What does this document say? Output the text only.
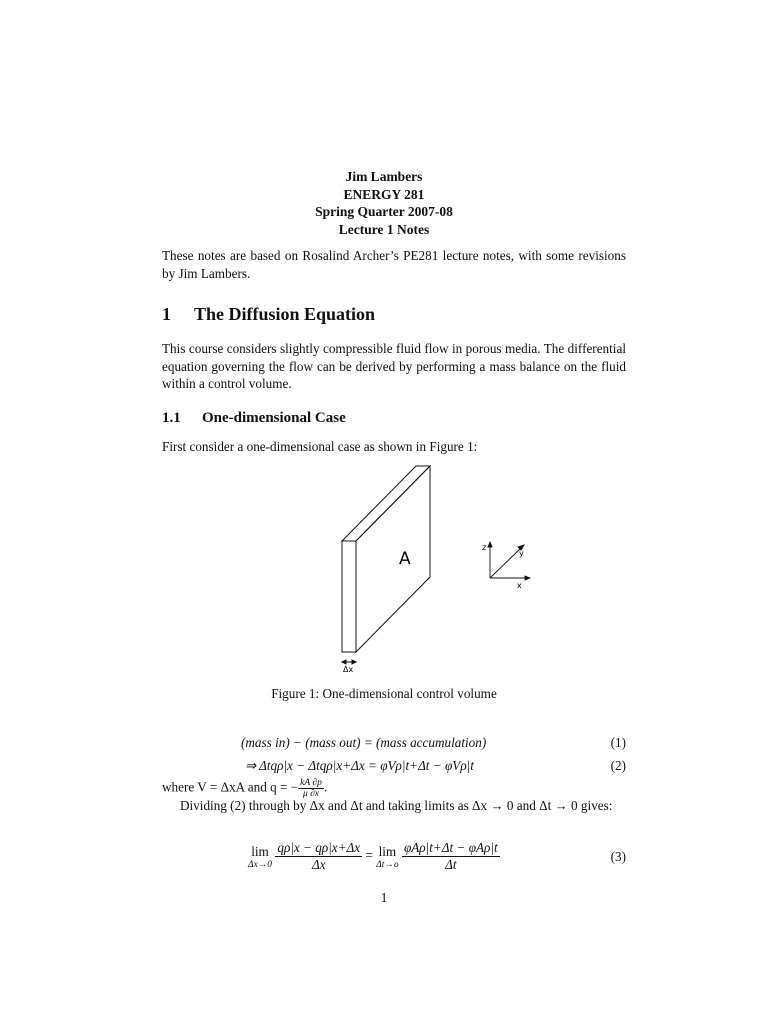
Jim Lambers
ENERGY 281
Spring Quarter 2007-08
Lecture 1 Notes
These notes are based on Rosalind Archer’s PE281 lecture notes, with some revisions by Jim Lambers.
1 The Diffusion Equation
This course considers slightly compressible fluid flow in porous media. The differential equation governing the flow can be derived by performing a mass balance on the fluid within a control volume.
1.1 One-dimensional Case
First consider a one-dimensional case as shown in Figure 1:
A
Δx
z
y
x
Figure 1: One-dimensional control volume
(mass in) − (mass out) = (mass accumulation)	(1)
⇒ Δtqρ|x − Δtqρ|x+Δx = φVρ|t+Δt − φVρ|t	(2)
where V = ΔxA and q = − $\frac{kA \partial p}{\mu \partial x}$ .
Dividing (2) through by Δx and Δt and taking limits as Δx → 0 and Δt → 0 gives:
lim
Δx→0
$\frac{q\rho|x - q\rho|x+\Delta x}{\Delta x} = \lim$
Δt→o
$\frac{\text{φAρ|t+Δt − φAρ|t}}{\Delta t}$	(3)
1
